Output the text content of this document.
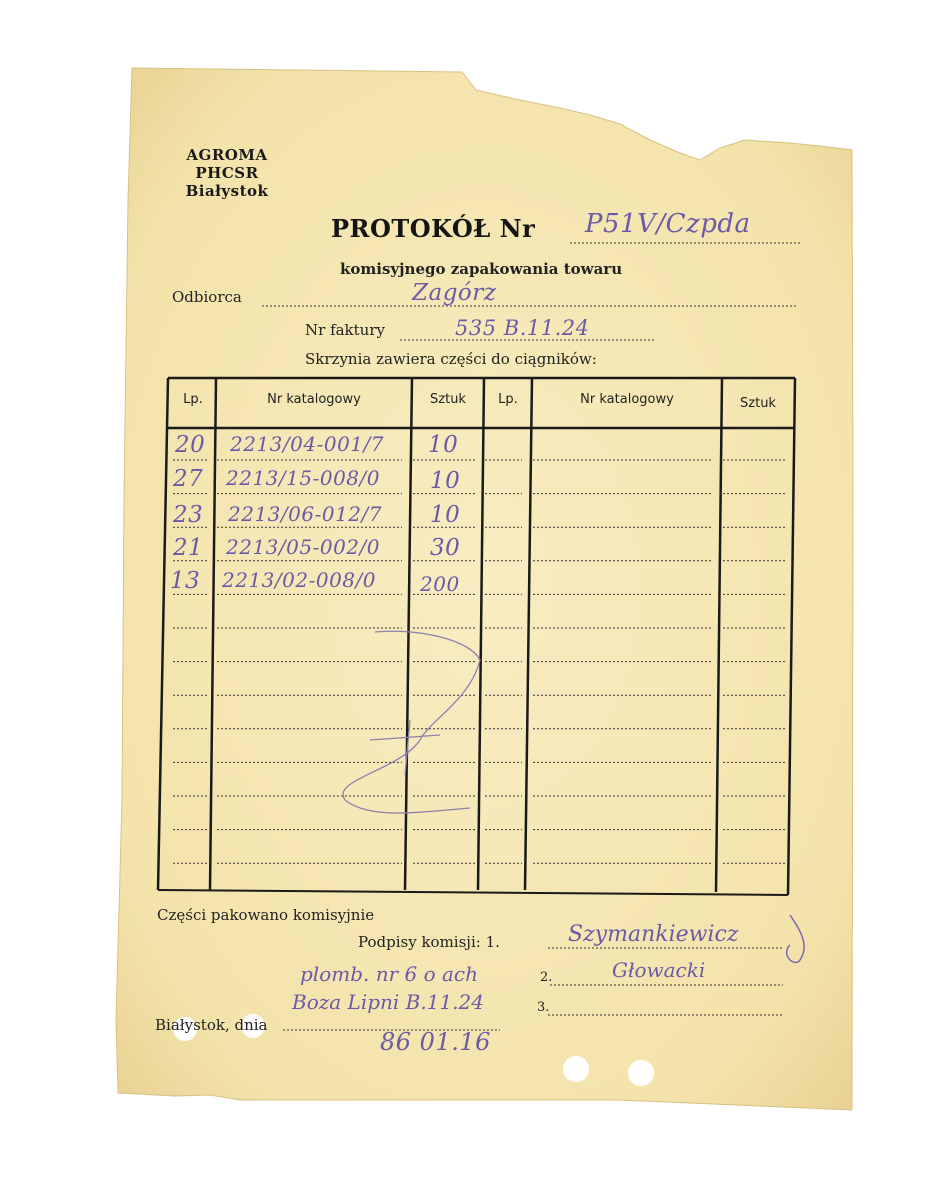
AGROMA
PHCSR
Białystok
PROTOKÓŁ Nr P51V/Czpda
komisyjnego zapakowania towaru
Odbiorca	Zagórz
Nr faktury	535 B.11.24
Skrzynia zawiera części do ciągników:
Lp.	Nr katalogowy	Sztuk	Lp.	Nr katalogowy	Sztuk
20 2213/04-001/7 10
27 2213/15-008/0 10
23 2213/06-012/7 10
21 2213/05-002/0 30
13 2213/02-008/0 200
Części pakowano komisyjnie
Podpisy komisji: 1.	Szymankiewicz
2.	Głowacki
3.
plomb. nr 6 o ach
Boza Lipni B.11.24
Białystok, dnia
86 01.16
